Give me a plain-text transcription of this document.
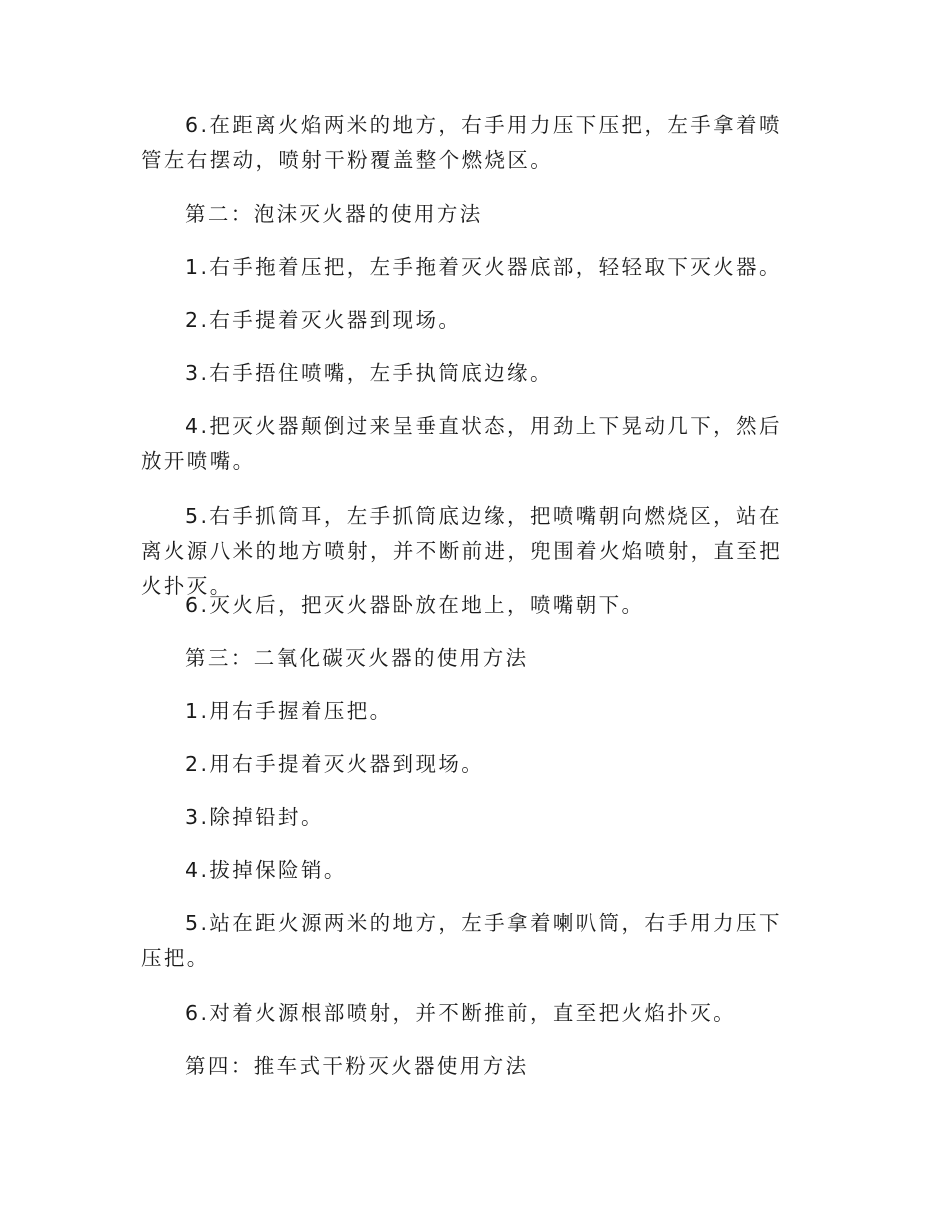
6.在距离火焰两米的地方，右手用力压下压把，左手拿着喷管左右摆动，喷射干粉覆盖整个燃烧区。

第二：泡沫灭火器的使用方法

1.右手拖着压把，左手拖着灭火器底部，轻轻取下灭火器。

2.右手提着灭火器到现场。

3.右手捂住喷嘴，左手执筒底边缘。

4.把灭火器颠倒过来呈垂直状态，用劲上下晃动几下，然后放开喷嘴。

5.右手抓筒耳，左手抓筒底边缘，把喷嘴朝向燃烧区，站在离火源八米的地方喷射，并不断前进，兜围着火焰喷射，直至把火扑灭。

6.灭火后，把灭火器卧放在地上，喷嘴朝下。

第三：二氧化碳灭火器的使用方法

1.用右手握着压把。

2.用右手提着灭火器到现场。

3.除掉铅封。

4.拔掉保险销。

5.站在距火源两米的地方，左手拿着喇叭筒，右手用力压下压把。

6.对着火源根部喷射，并不断推前，直至把火焰扑灭。

第四：推车式干粉灭火器使用方法
